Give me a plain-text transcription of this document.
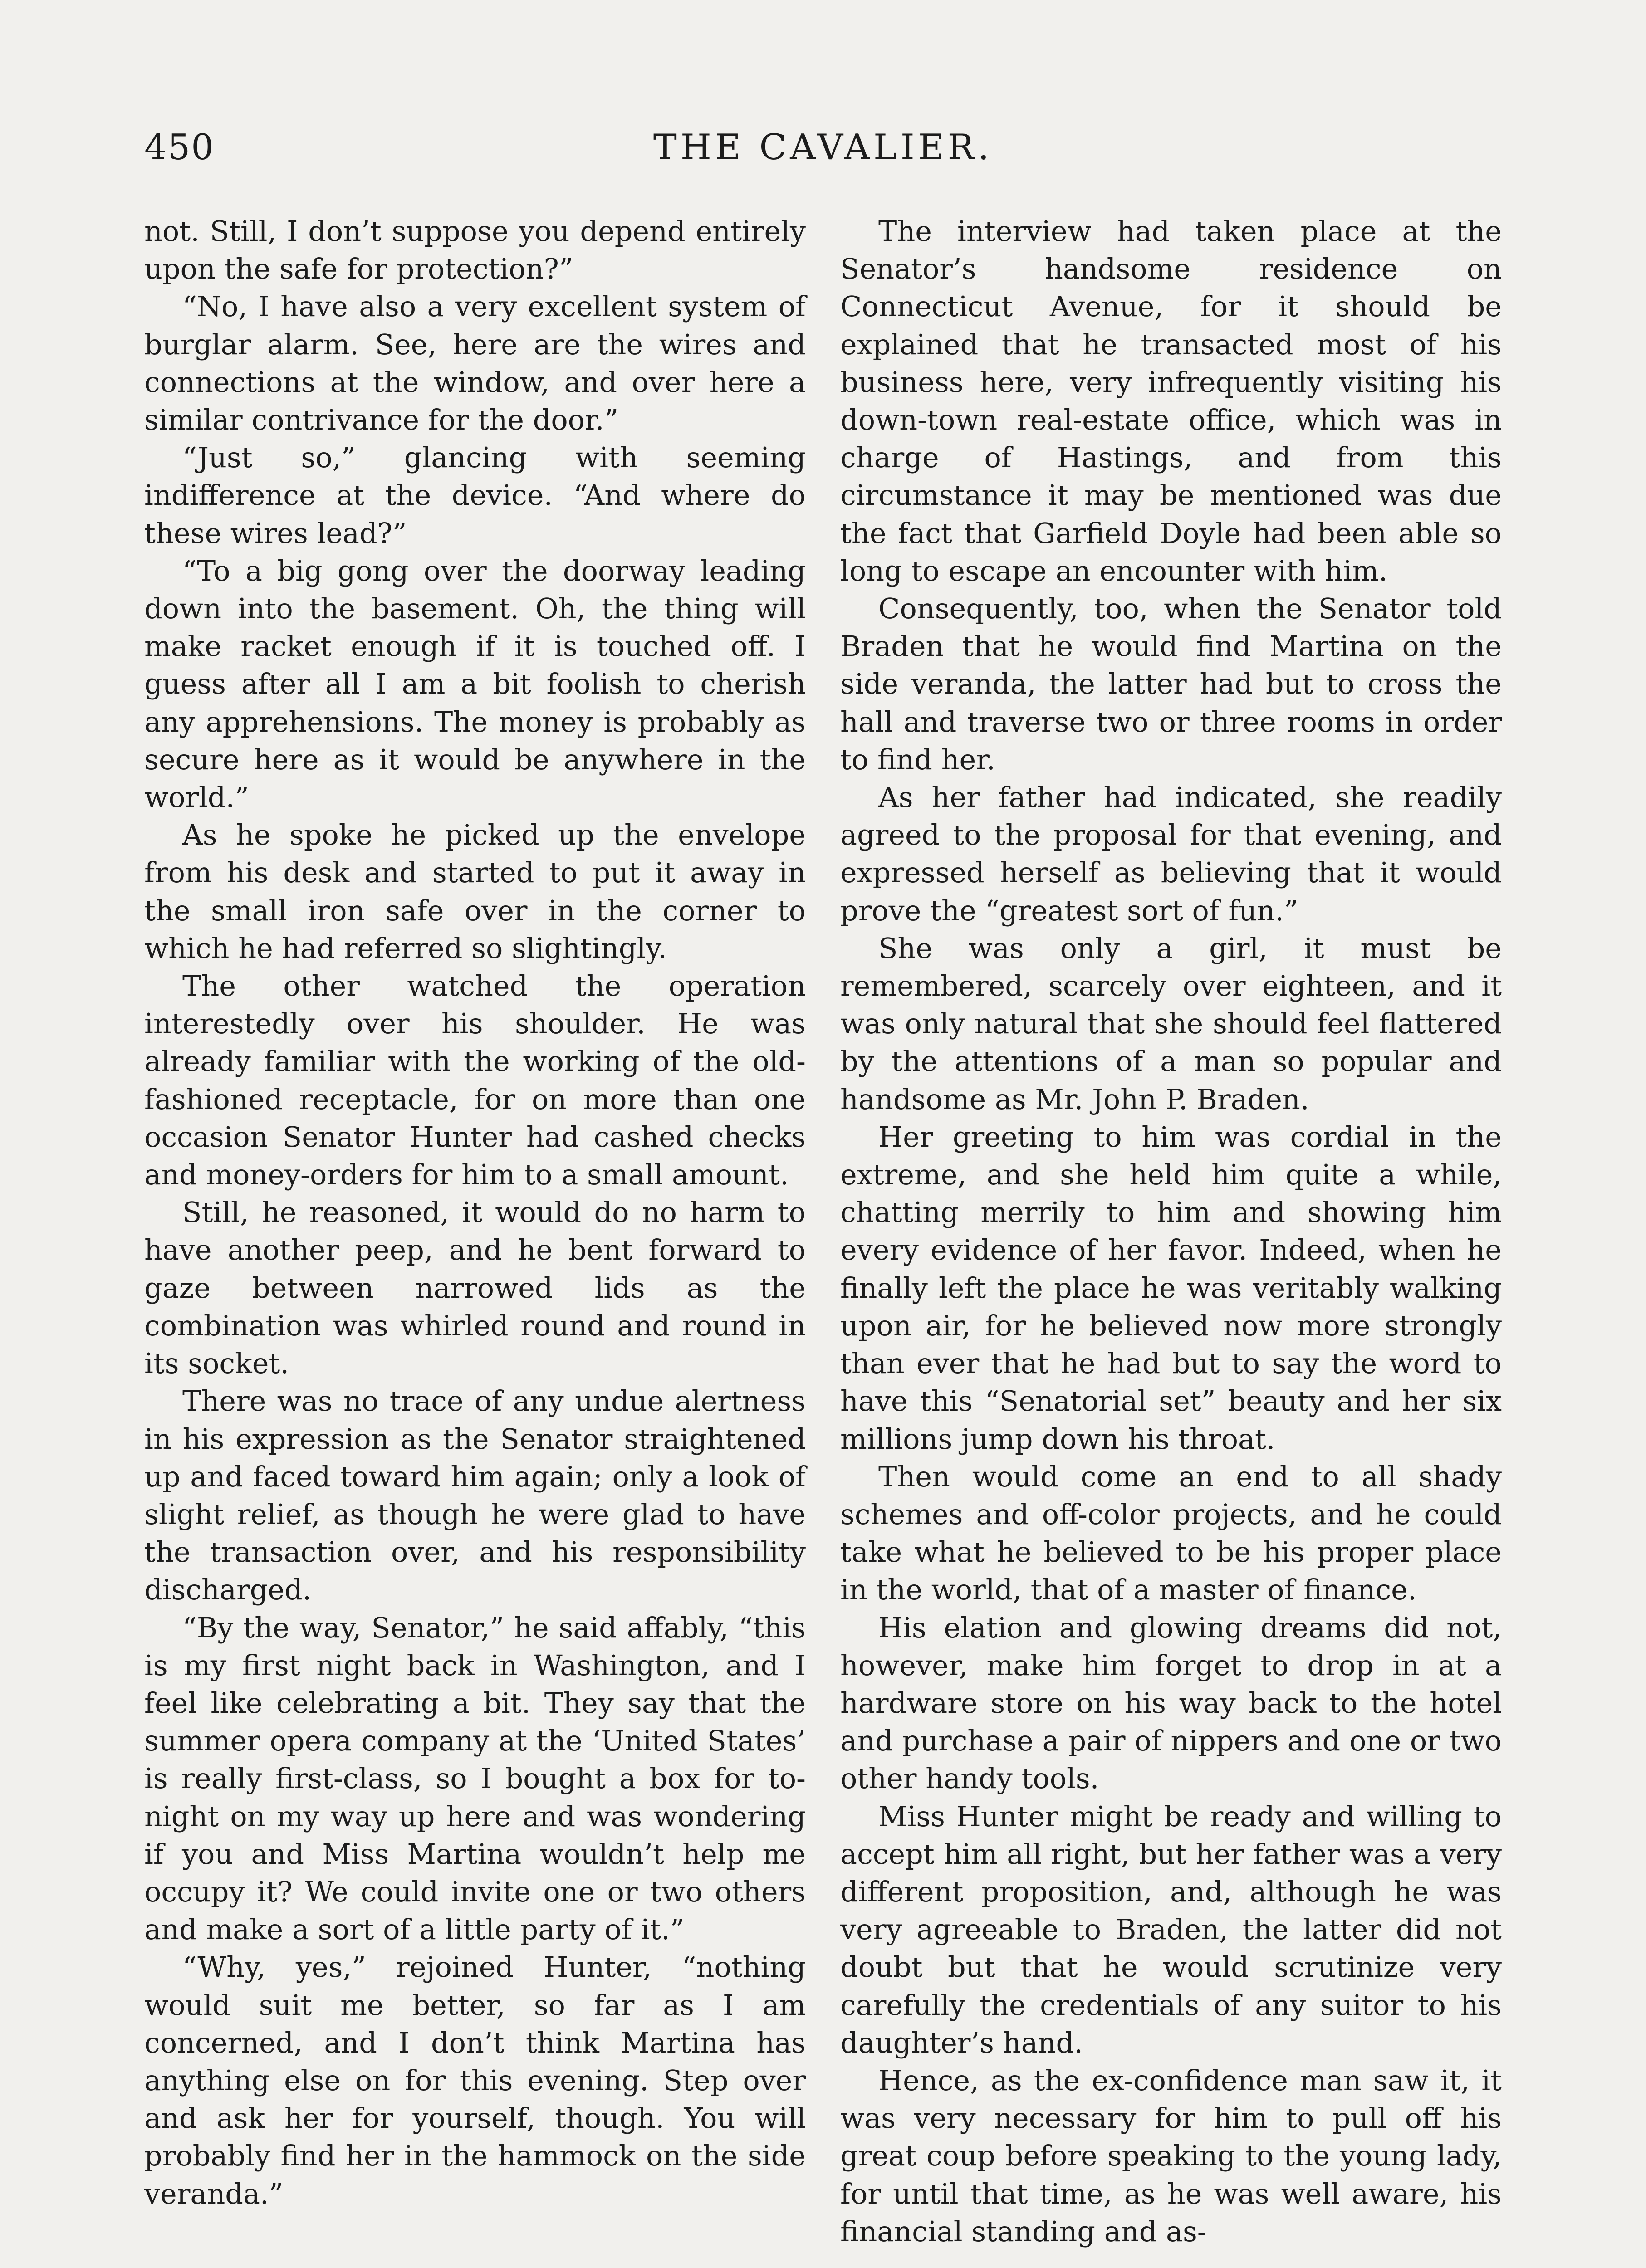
450	THE CAVALIER.

not. Still, I don’t suppose you depend entirely upon the safe for protection?”

“No, I have also a very excellent system of burglar alarm. See, here are the wires and connections at the window, and over here a similar contrivance for the door.”

“Just so,” glancing with seeming indifference at the device. “And where do these wires lead?”

“To a big gong over the doorway leading down into the basement. Oh, the thing will make racket enough if it is touched off. I guess after all I am a bit foolish to cherish any apprehensions. The money is probably as secure here as it would be anywhere in the world.”

As he spoke he picked up the envelope from his desk and started to put it away in the small iron safe over in the corner to which he had referred so slightingly.

The other watched the operation interestedly over his shoulder. He was already familiar with the working of the old-fashioned receptacle, for on more than one occasion Senator Hunter had cashed checks and money-orders for him to a small amount.

Still, he reasoned, it would do no harm to have another peep, and he bent forward to gaze between narrowed lids as the combination was whirled round and round in its socket.

There was no trace of any undue alertness in his expression as the Senator straightened up and faced toward him again; only a look of slight relief, as though he were glad to have the transaction over, and his responsibility discharged.

“By the way, Senator,” he said affably, “this is my first night back in Washington, and I feel like celebrating a bit. They say that the summer opera company at the ‘United States’ is really first-class, so I bought a box for to-night on my way up here and was wondering if you and Miss Martina wouldn’t help me occupy it? We could invite one or two others and make a sort of a little party of it.”

“Why, yes,” rejoined Hunter, “nothing would suit me better, so far as I am concerned, and I don’t think Martina has anything else on for this evening. Step over and ask her for yourself, though. You will probably find her in the hammock on the side veranda.”

The interview had taken place at the Senator’s handsome residence on Connecticut Avenue, for it should be explained that he transacted most of his business here, very infrequently visiting his down-town real-estate office, which was in charge of Hastings, and from this circumstance it may be mentioned was due the fact that Garfield Doyle had been able so long to escape an encounter with him.

Consequently, too, when the Senator told Braden that he would find Martina on the side veranda, the latter had but to cross the hall and traverse two or three rooms in order to find her.

As her father had indicated, she readily agreed to the proposal for that evening, and expressed herself as believing that it would prove the “greatest sort of fun.”

She was only a girl, it must be remembered, scarcely over eighteen, and it was only natural that she should feel flattered by the attentions of a man so popular and handsome as Mr. John P. Braden.

Her greeting to him was cordial in the extreme, and she held him quite a while, chatting merrily to him and showing him every evidence of her favor. Indeed, when he finally left the place he was veritably walking upon air, for he believed now more strongly than ever that he had but to say the word to have this “Senatorial set” beauty and her six millions jump down his throat.

Then would come an end to all shady schemes and off-color projects, and he could take what he believed to be his proper place in the world, that of a master of finance.

His elation and glowing dreams did not, however, make him forget to drop in at a hardware store on his way back to the hotel and purchase a pair of nippers and one or two other handy tools.

Miss Hunter might be ready and willing to accept him all right, but her father was a very different proposition, and, although he was very agreeable to Braden, the latter did not doubt but that he would scrutinize very carefully the credentials of any suitor to his daughter’s hand.

Hence, as the ex-confidence man saw it, it was very necessary for him to pull off his great coup before speaking to the young lady, for until that time, as he was well aware, his financial standing and as-
